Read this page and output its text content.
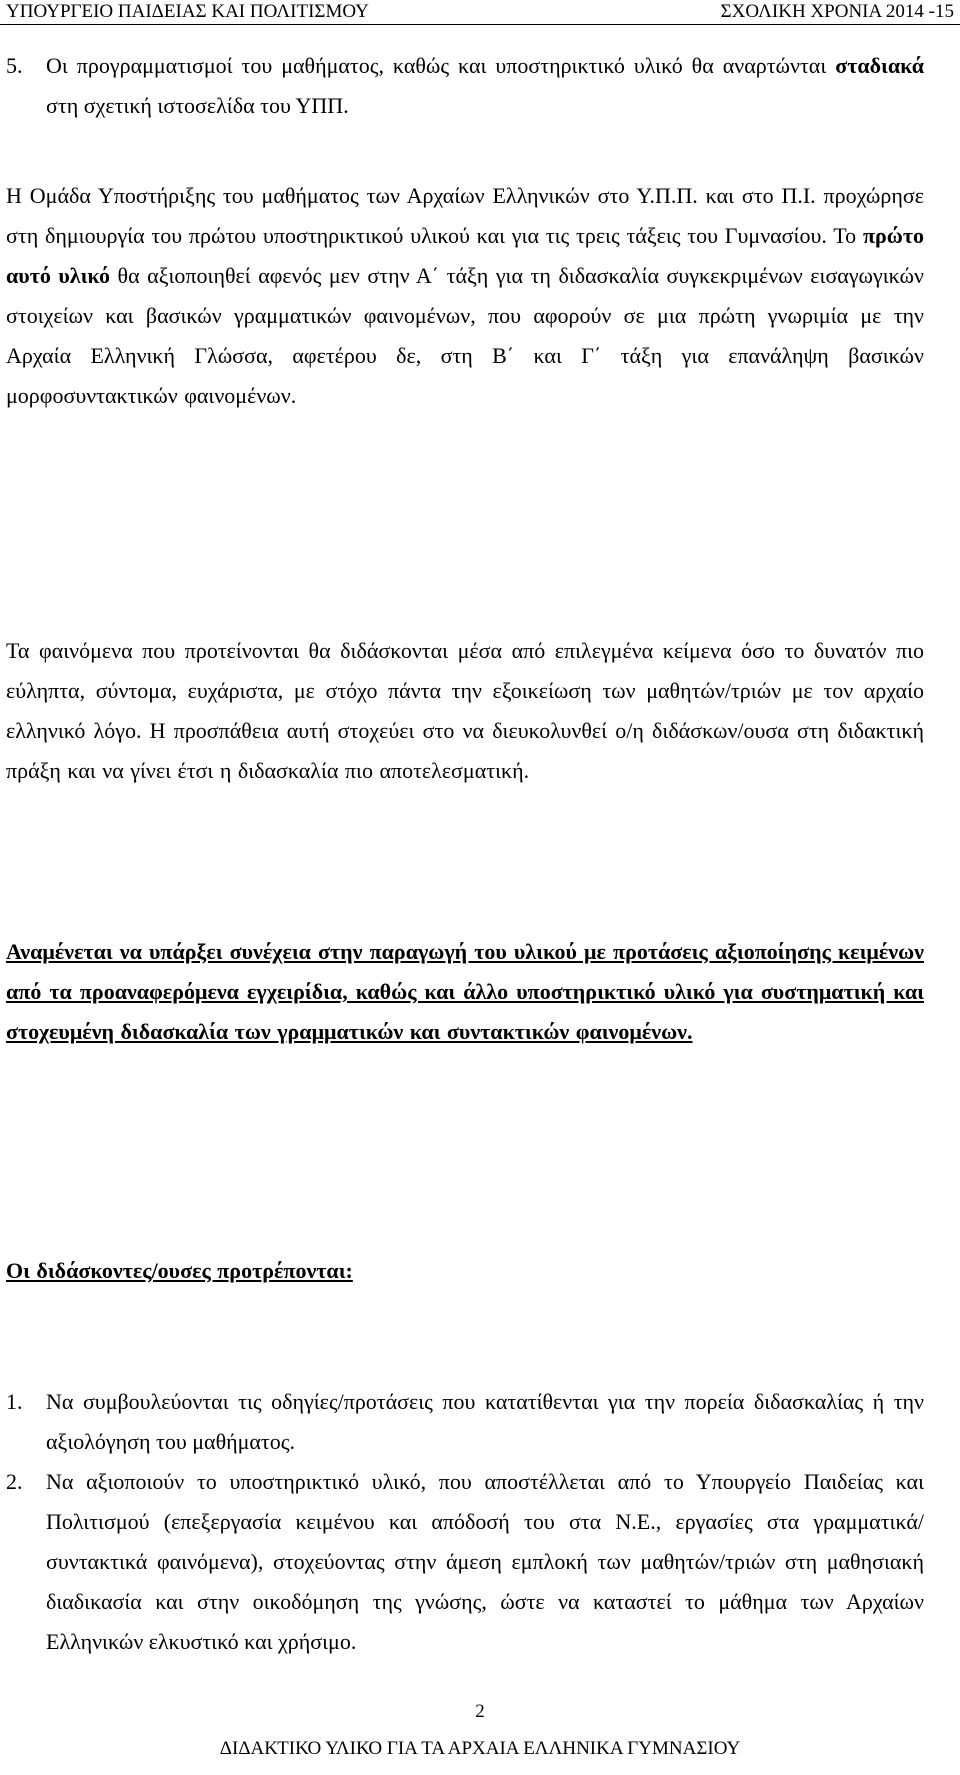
ΥΠΟΥΡΓΕΙΟ ΠΑΙΔΕΙΑΣ ΚΑΙ ΠΟΛΙΤΙΣΜΟΥ	ΣΧΟΛΙΚΗ ΧΡΟΝΙΑ 2014 -15
5. Οι προγραμματισμοί του μαθήματος, καθώς και υποστηρικτικό υλικό θα αναρτώνται σταδιακά στη σχετική ιστοσελίδα του ΥΠΠ.

Η Ομάδα Υποστήριξης του μαθήματος των Αρχαίων Ελληνικών στο Υ.Π.Π. και στο Π.Ι. προχώρησε στη δημιουργία του πρώτου υποστηρικτικού υλικού και για τις τρεις τάξεις του Γυμνασίου. Το πρώτο αυτό υλικό θα αξιοποιηθεί αφενός μεν στην Α΄ τάξη για τη διδασκαλία συγκεκριμένων εισαγωγικών στοιχείων και βασικών γραμματικών φαινομένων, που αφορούν σε μια πρώτη γνωριμία με την Αρχαία Ελληνική Γλώσσα, αφετέρου δε, στη Β΄ και Γ΄ τάξη για επανάληψη βασικών μορφοσυντακτικών φαινομένων.

Τα φαινόμενα που προτείνονται θα διδάσκονται μέσα από επιλεγμένα κείμενα όσο το δυνατόν πιο εύληπτα, σύντομα, ευχάριστα, με στόχο πάντα την εξοικείωση των μαθητών/τριών με τον αρχαίο ελληνικό λόγο. Η προσπάθεια αυτή στοχεύει στο να διευκολυνθεί ο/η διδάσκων/ουσα στη διδακτική πράξη και να γίνει έτσι η διδασκαλία πιο αποτελεσματική.

Αναμένεται να υπάρξει συνέχεια στην παραγωγή του υλικού με προτάσεις αξιοποίησης κειμένων από τα προαναφερόμενα εγχειρίδια, καθώς και άλλο υποστηρικτικό υλικό για συστηματική και στοχευμένη διδασκαλία των γραμματικών και συντακτικών φαινομένων.

Οι διδάσκοντες/ουσες προτρέπονται:

1. Να συμβουλεύονται τις οδηγίες/προτάσεις που κατατίθενται για την πορεία διδασκαλίας ή την αξιολόγηση του μαθήματος.
2. Να αξιοποιούν το υποστηρικτικό υλικό, που αποστέλλεται από το Υπουργείο Παιδείας και Πολιτισμού (επεξεργασία κειμένου και απόδοσή του στα Ν.Ε., εργασίες στα γραμματικά/συντακτικά φαινόμενα), στοχεύοντας στην άμεση εμπλοκή των μαθητών/τριών στη μαθησιακή διαδικασία και στην οικοδόμηση της γνώσης, ώστε να καταστεί το μάθημα των Αρχαίων Ελληνικών ελκυστικό και χρήσιμο.
2
ΔΙΔΑΚΤΙΚΟ ΥΛΙΚΟ ΓΙΑ ΤΑ ΑΡΧΑΙΑ ΕΛΛΗΝΙΚΑ ΓΥΜΝΑΣΙΟΥ
